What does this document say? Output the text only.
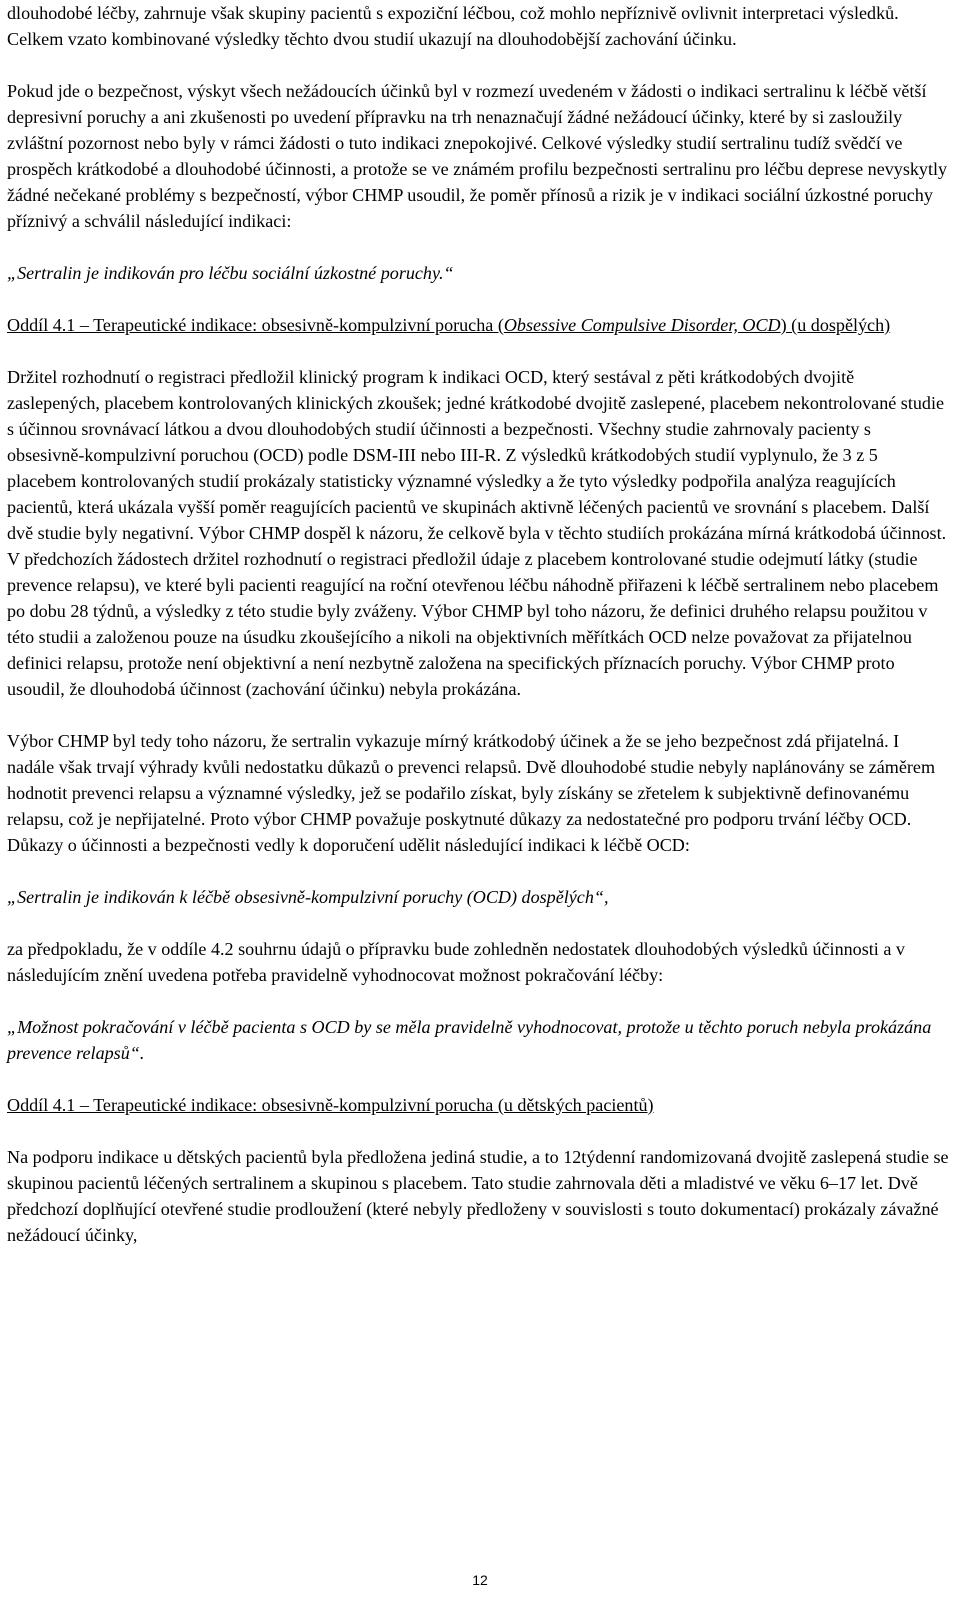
dlouhodobé léčby, zahrnuje však skupiny pacientů s expoziční léčbou, což mohlo nepříznivě ovlivnit interpretaci výsledků. Celkem vzato kombinované výsledky těchto dvou studií ukazují na dlouhodobější zachování účinku.

Pokud jde o bezpečnost, výskyt všech nežádoucích účinků byl v rozmezí uvedeném v žádosti o indikaci sertralinu k léčbě větší depresivní poruchy a ani zkušenosti po uvedení přípravku na trh nenaznačují žádné nežádoucí účinky, které by si zasloužily zvláštní pozornost nebo byly v rámci žádosti o tuto indikaci znepokojivé. Celkové výsledky studií sertralinu tudíž svědčí ve prospěch krátkodobé a dlouhodobé účinnosti, a protože se ve známém profilu bezpečnosti sertralinu pro léčbu deprese nevyskytly žádné nečekané problémy s bezpečností, výbor CHMP usoudil, že poměr přínosů a rizik je v indikaci sociální úzkostné poruchy příznivý a schválil následující indikaci:

„Sertralin je indikován pro léčbu sociální úzkostné poruchy.“

Oddíl 4.1 – Terapeutické indikace: obsesivně-kompulzivní porucha (Obsessive Compulsive Disorder, OCD) (u dospělých)

Držitel rozhodnutí o registraci předložil klinický program k indikaci OCD, který sestával z pěti krátkodobých dvojitě zaslepených, placebem kontrolovaných klinických zkoušek; jedné krátkodobé dvojitě zaslepené, placebem nekontrolované studie s účinnou srovnávací látkou a dvou dlouhodobých studií účinnosti a bezpečnosti. Všechny studie zahrnovaly pacienty s obsesivně-kompulzivní poruchou (OCD) podle DSM-III nebo III-R. Z výsledků krátkodobých studií vyplynulo, že 3 z 5 placebem kontrolovaných studií prokázaly statisticky významné výsledky a že tyto výsledky podpořila analýza reagujících pacientů, která ukázala vyšší poměr reagujících pacientů ve skupinách aktivně léčených pacientů ve srovnání s placebem. Další dvě studie byly negativní. Výbor CHMP dospěl k názoru, že celkově byla v těchto studiích prokázána mírná krátkodobá účinnost. V předchozích žádostech držitel rozhodnutí o registraci předložil údaje z placebem kontrolované studie odejmutí látky (studie prevence relapsu), ve které byli pacienti reagující na roční otevřenou léčbu náhodně přiřazeni k léčbě sertralinem nebo placebem po dobu 28 týdnů, a výsledky z této studie byly zváženy. Výbor CHMP byl toho názoru, že definici druhého relapsu použitou v této studii a založenou pouze na úsudku zkoušejícího a nikoli na objektivních měřítkách OCD nelze považovat za přijatelnou definici relapsu, protože není objektivní a není nezbytně založena na specifických příznacích poruchy. Výbor CHMP proto usoudil, že dlouhodobá účinnost (zachování účinku) nebyla prokázána.

Výbor CHMP byl tedy toho názoru, že sertralin vykazuje mírný krátkodobý účinek a že se jeho bezpečnost zdá přijatelná. I nadále však trvají výhrady kvůli nedostatku důkazů o prevenci relapsů. Dvě dlouhodobé studie nebyly naplánovány se záměrem hodnotit prevenci relapsu a významné výsledky, jež se podařilo získat, byly získány se zřetelem k subjektivně definovanému relapsu, což je nepřijatelné. Proto výbor CHMP považuje poskytnuté důkazy za nedostatečné pro podporu trvání léčby OCD. Důkazy o účinnosti a bezpečnosti vedly k doporučení udělit následující indikaci k léčbě OCD:

„Sertralin je indikován k léčbě obsesivně-kompulzivní poruchy (OCD) dospělých“,

za předpokladu, že v oddíle 4.2 souhrnu údajů o přípravku bude zohledněn nedostatek dlouhodobých výsledků účinnosti a v následujícím znění uvedena potřeba pravidelně vyhodnocovat možnost pokračování léčby:

„Možnost pokračování v léčbě pacienta s OCD by se měla pravidelně vyhodnocovat, protože u těchto poruch nebyla prokázána prevence relapsů“.

Oddíl 4.1 – Terapeutické indikace: obsesivně-kompulzivní porucha (u dětských pacientů)

Na podporu indikace u dětských pacientů byla předložena jediná studie, a to 12týdenní randomizovaná dvojitě zaslepená studie se skupinou pacientů léčených sertralinem a skupinou s placebem. Tato studie zahrnovala děti a mladistvé ve věku 6–17 let. Dvě předchozí doplňující otevřené studie prodloužení (které nebyly předloženy v souvislosti s touto dokumentací) prokázaly závažné nežádoucí účinky,

12
